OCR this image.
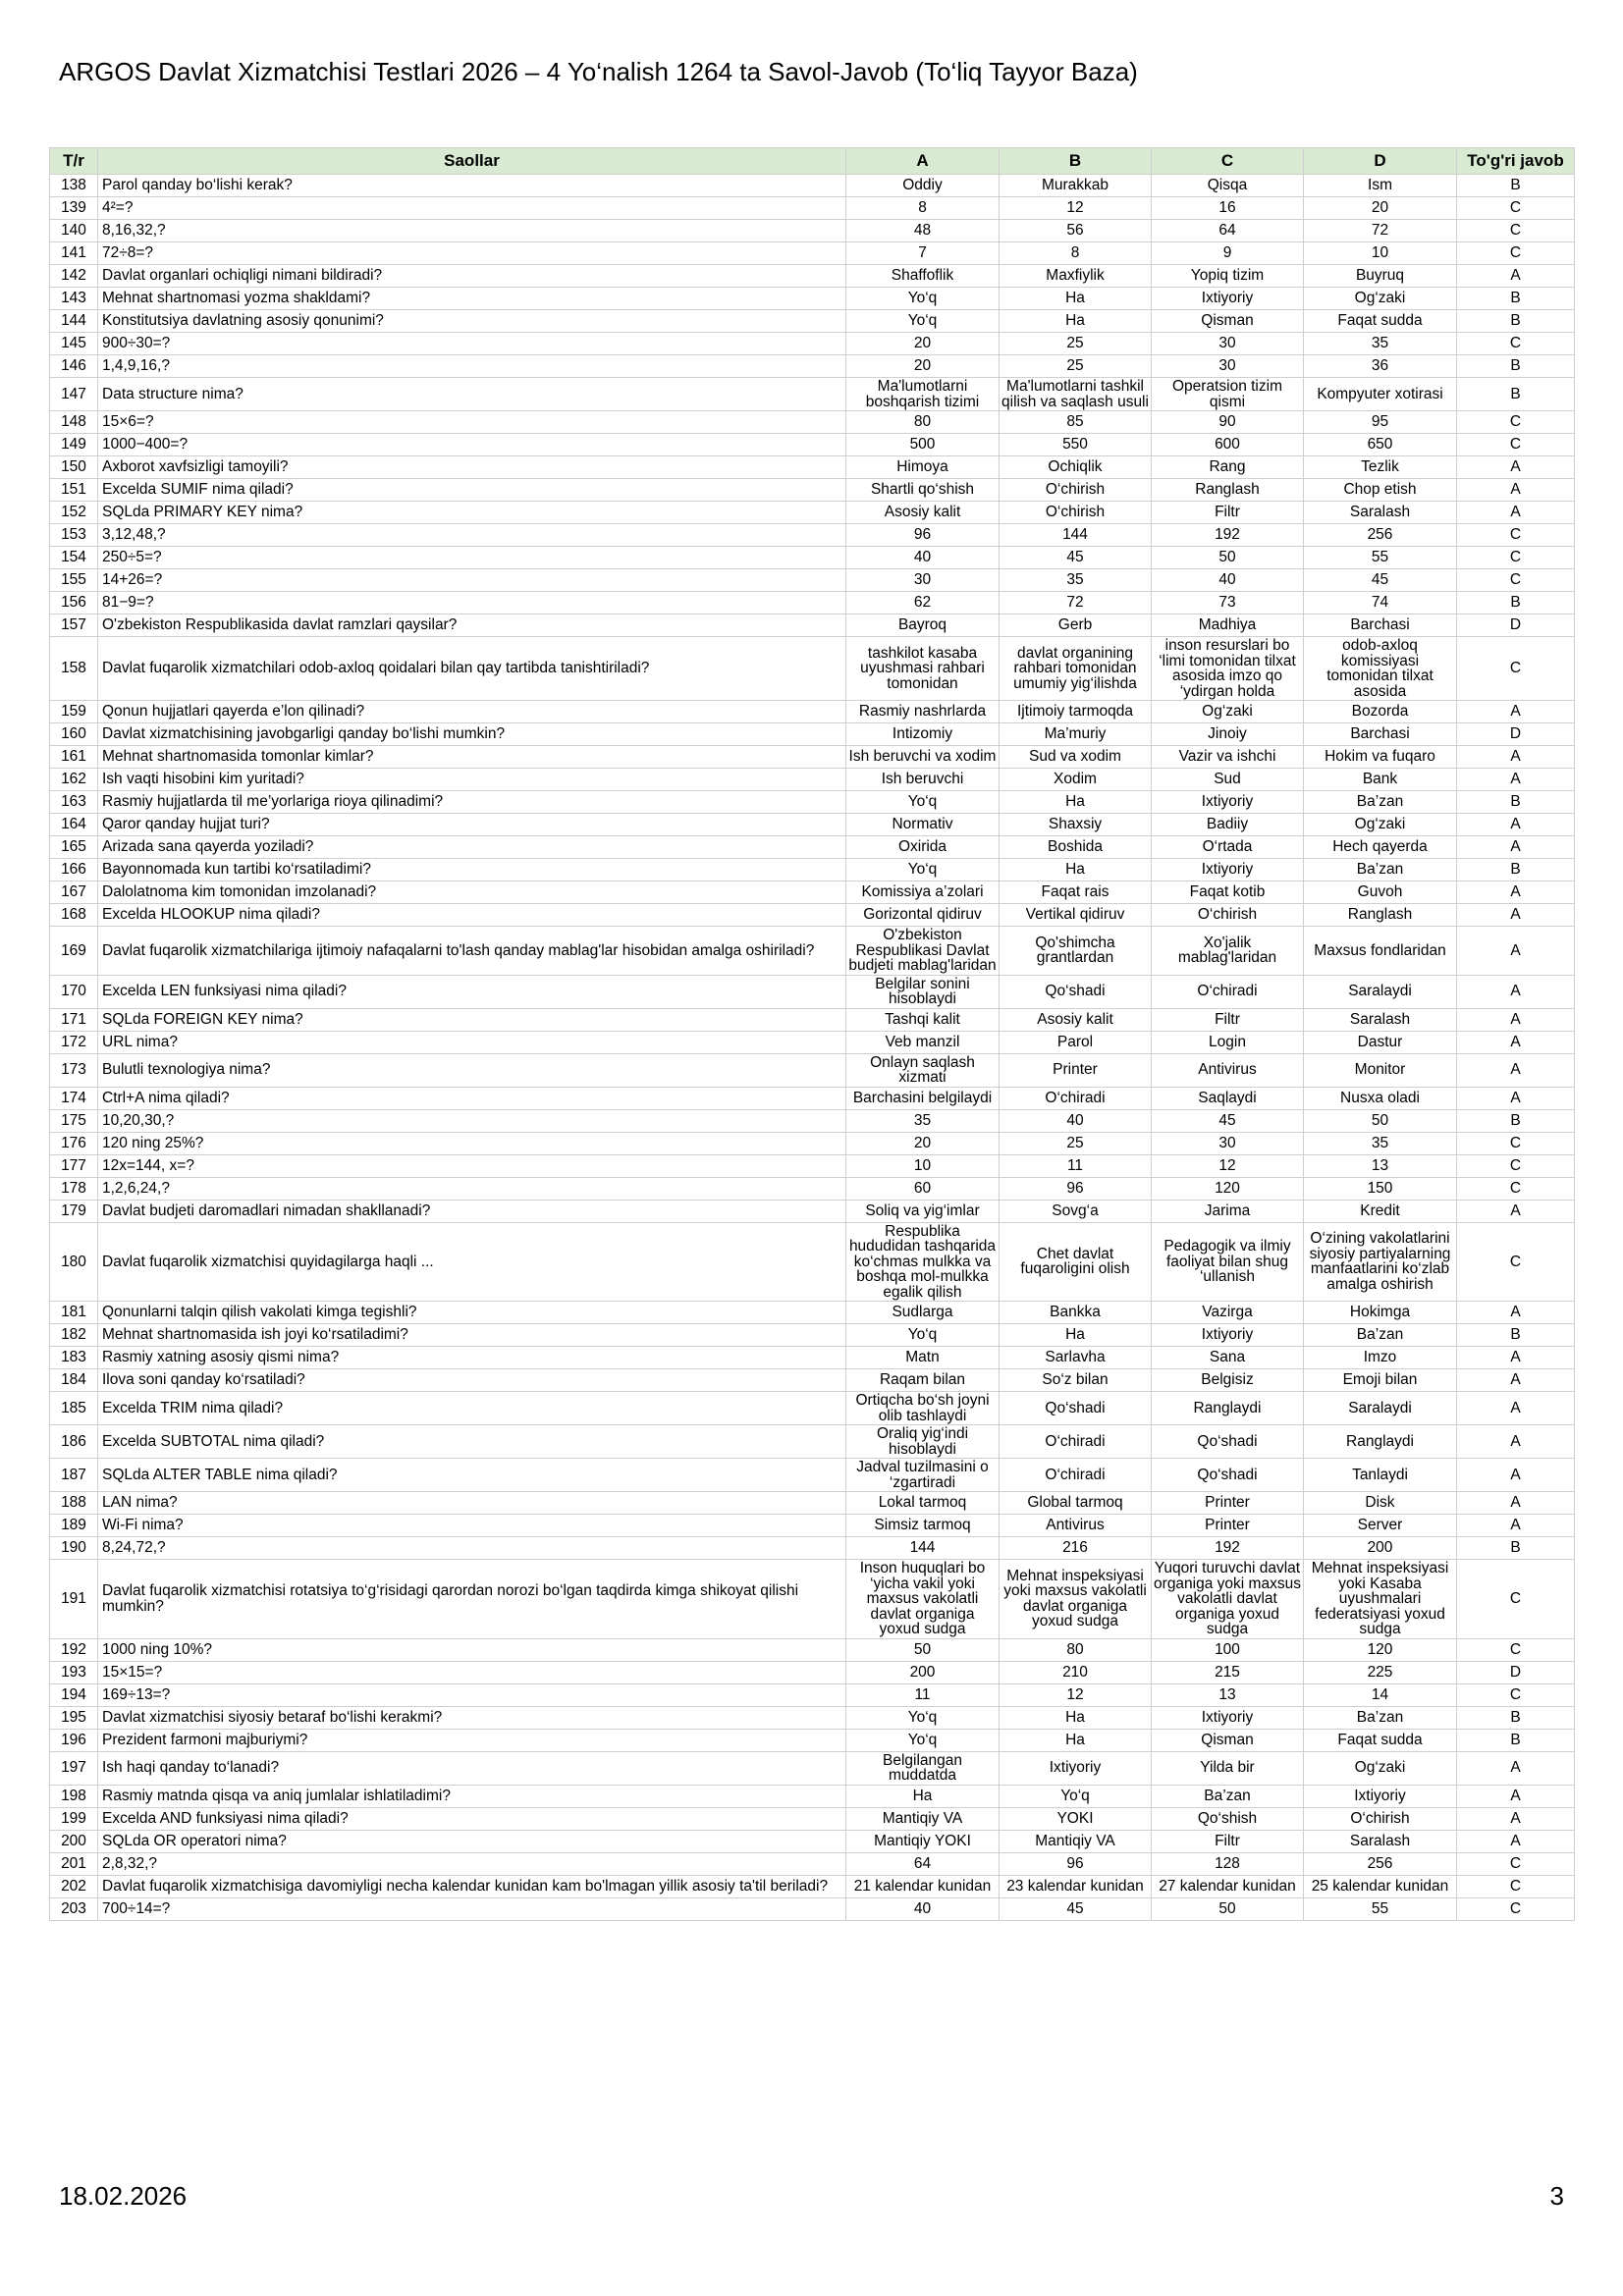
ARGOS Davlat Xizmatchisi Testlari 2026 – 4 Yo‘nalish 1264 ta Savol-Javob (To‘liq Tayyor Baza)
T/r	Saollar	A	B	C	D	To'g'ri javob
138	Parol qanday bo‘lishi kerak?	Oddiy	Murakkab	Qisqa	Ism	B
139	4²=?	8	12	16	20	C
140	8,16,32,?	48	56	64	72	C
141	72÷8=?	7	8	9	10	C
142	Davlat organlari ochiqligi nimani bildiradi?	Shaffoflik	Maxfiylik	Yopiq tizim	Buyruq	A
143	Mehnat shartnomasi yozma shakldami?	Yo‘q	Ha	Ixtiyoriy	Og‘zaki	B
144	Konstitutsiya davlatning asosiy qonunimi?	Yo‘q	Ha	Qisman	Faqat sudda	B
145	900÷30=?	20	25	30	35	C
146	1,4,9,16,?	20	25	30	36	B
147	Data structure nima?	Ma'lumotlarni boshqarish tizimi	Ma'lumotlarni tashkil qilish va saqlash usuli	Operatsion tizim qismi	Kompyuter xotirasi	B
148	15×6=?	80	85	90	95	C
149	1000−400=?	500	550	600	650	C
150	Axborot xavfsizligi tamoyili?	Himoya	Ochiqlik	Rang	Tezlik	A
151	Excelda SUMIF nima qiladi?	Shartli qo‘shish	O‘chirish	Ranglash	Chop etish	A
152	SQLda PRIMARY KEY nima?	Asosiy kalit	O‘chirish	Filtr	Saralash	A
153	3,12,48,?	96	144	192	256	C
154	250÷5=?	40	45	50	55	C
155	14+26=?	30	35	40	45	C
156	81−9=?	62	72	73	74	B
157	O'zbekiston Respublikasida davlat ramzlari qaysilar?	Bayroq	Gerb	Madhiya	Barchasi	D
158	Davlat fuqarolik xizmatchilari odob-axloq qoidalari bilan qay tartibda tanishtiriladi?	tashkilot kasaba uyushmasi rahbari tomonidan	davlat organining rahbari tomonidan umumiy yig‘ilishda	inson resurslari bo ‘limi tomonidan tilxat asosida imzo qo ‘ydirgan holda	odob-axloq komissiyasi tomonidan tilxat asosida	C
159	Qonun hujjatlari qayerda e’lon qilinadi?	Rasmiy nashrlarda	Ijtimoiy tarmoqda	Og‘zaki	Bozorda	A
160	Davlat xizmatchisining javobgarligi qanday bo‘lishi mumkin?	Intizomiy	Ma’muriy	Jinoiy	Barchasi	D
161	Mehnat shartnomasida tomonlar kimlar?	Ish beruvchi va xodim	Sud va xodim	Vazir va ishchi	Hokim va fuqaro	A
162	Ish vaqti hisobini kim yuritadi?	Ish beruvchi	Xodim	Sud	Bank	A
163	Rasmiy hujjatlarda til me’yorlariga rioya qilinadimi?	Yo‘q	Ha	Ixtiyoriy	Ba’zan	B
164	Qaror qanday hujjat turi?	Normativ	Shaxsiy	Badiiy	Og‘zaki	A
165	Arizada sana qayerda yoziladi?	Oxirida	Boshida	O‘rtada	Hech qayerda	A
166	Bayonnomada kun tartibi ko‘rsatiladimi?	Yo‘q	Ha	Ixtiyoriy	Ba’zan	B
167	Dalolatnoma kim tomonidan imzolanadi?	Komissiya a’zolari	Faqat rais	Faqat kotib	Guvoh	A
168	Excelda HLOOKUP nima qiladi?	Gorizontal qidiruv	Vertikal qidiruv	O‘chirish	Ranglash	A
169	Davlat fuqarolik xizmatchilariga ijtimoiy nafaqalarni to'lash qanday mablag'lar hisobidan amalga oshiriladi?	O'zbekiston Respublikasi Davlat budjeti mablag'laridan	Qo'shimcha grantlardan	Xo'jalik mablag'laridan	Maxsus fondlaridan	A
170	Excelda LEN funksiyasi nima qiladi?	Belgilar sonini hisoblaydi	Qo‘shadi	O‘chiradi	Saralaydi	A
171	SQLda FOREIGN KEY nima?	Tashqi kalit	Asosiy kalit	Filtr	Saralash	A
172	URL nima?	Veb manzil	Parol	Login	Dastur	A
173	Bulutli texnologiya nima?	Onlayn saqlash xizmati	Printer	Antivirus	Monitor	A
174	Ctrl+A nima qiladi?	Barchasini belgilaydi	O‘chiradi	Saqlaydi	Nusxa oladi	A
175	10,20,30,?	35	40	45	50	B
176	120 ning 25%?	20	25	30	35	C
177	12x=144, x=?	10	11	12	13	C
178	1,2,6,24,?	60	96	120	150	C
179	Davlat budjeti daromadlari nimadan shakllanadi?	Soliq va yig‘imlar	Sovg‘a	Jarima	Kredit	A
180	Davlat fuqarolik xizmatchisi quyidagilarga haqli ...	Respublika hududidan tashqarida ko‘chmas mulkka va boshqa mol-mulkka egalik qilish	Chet davlat fuqaroligini olish	Pedagogik va ilmiy faoliyat bilan shug ‘ullanish	O‘zining vakolatlarini siyosiy partiyalarning manfaatlarini ko‘zlab amalga oshirish	C
181	Qonunlarni talqin qilish vakolati kimga tegishli?	Sudlarga	Bankka	Vazirga	Hokimga	A
182	Mehnat shartnomasida ish joyi ko‘rsatiladimi?	Yo‘q	Ha	Ixtiyoriy	Ba’zan	B
183	Rasmiy xatning asosiy qismi nima?	Matn	Sarlavha	Sana	Imzo	A
184	Ilova soni qanday ko‘rsatiladi?	Raqam bilan	So‘z bilan	Belgisiz	Emoji bilan	A
185	Excelda TRIM nima qiladi?	Ortiqcha bo‘sh joyni olib tashlaydi	Qo‘shadi	Ranglaydi	Saralaydi	A
186	Excelda SUBTOTAL nima qiladi?	Oraliq yig‘indi hisoblaydi	O‘chiradi	Qo‘shadi	Ranglaydi	A
187	SQLda ALTER TABLE nima qiladi?	Jadval tuzilmasini o ‘zgartiradi	O‘chiradi	Qo‘shadi	Tanlaydi	A
188	LAN nima?	Lokal tarmoq	Global tarmoq	Printer	Disk	A
189	Wi-Fi nima?	Simsiz tarmoq	Antivirus	Printer	Server	A
190	8,24,72,?	144	216	192	200	B
191	Davlat fuqarolik xizmatchisi rotatsiya to‘g‘risidagi qarordan norozi bo‘lgan taqdirda kimga shikoyat qilishi mumkin?	Inson huquqlari bo ‘yicha vakil yoki maxsus vakolatli davlat organiga yoxud sudga	Mehnat inspeksiyasi yoki maxsus vakolatli davlat organiga yoxud sudga	Yuqori turuvchi davlat organiga yoki maxsus vakolatli davlat organiga yoxud sudga	Mehnat inspeksiyasi yoki Kasaba uyushmalari federatsiyasi yoxud sudga	C
192	1000 ning 10%?	50	80	100	120	C
193	15×15=?	200	210	215	225	D
194	169÷13=?	11	12	13	14	C
195	Davlat xizmatchisi siyosiy betaraf bo‘lishi kerakmi?	Yo‘q	Ha	Ixtiyoriy	Ba’zan	B
196	Prezident farmoni majburiymi?	Yo‘q	Ha	Qisman	Faqat sudda	B
197	Ish haqi qanday to‘lanadi?	Belgilangan muddatda	Ixtiyoriy	Yilda bir	Og‘zaki	A
198	Rasmiy matnda qisqa va aniq jumlalar ishlatiladimi?	Ha	Yo‘q	Ba’zan	Ixtiyoriy	A
199	Excelda AND funksiyasi nima qiladi?	Mantiqiy VA	YOKI	Qo‘shish	O‘chirish	A
200	SQLda OR operatori nima?	Mantiqiy YOKI	Mantiqiy VA	Filtr	Saralash	A
201	2,8,32,?	64	96	128	256	C
202	Davlat fuqarolik xizmatchisiga davomiyligi necha kalendar kunidan kam bo'lmagan yillik asosiy ta'til beriladi?	21 kalendar kunidan	23 kalendar kunidan	27 kalendar kunidan	25 kalendar kunidan	C
203	700÷14=?	40	45	50	55	C
18.02.2026	3
